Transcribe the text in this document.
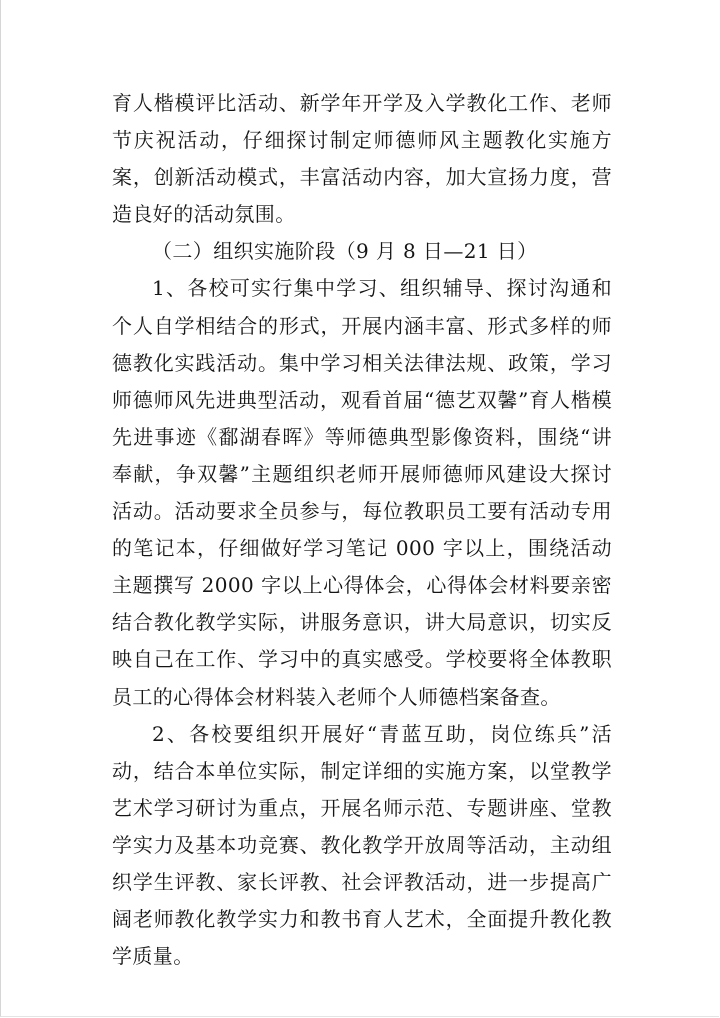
育人楷模评比活动、新学年开学及入学教化工作、老师节庆祝活动，仔细探讨制定师德师风主题教化实施方案，创新活动模式，丰富活动内容，加大宣扬力度，营造良好的活动氛围。

（二）组织实施阶段（9 月 8 日—21 日）

1、各校可实行集中学习、组织辅导、探讨沟通和个人自学相结合的形式，开展内涵丰富、形式多样的师德教化实践活动。集中学习相关法律法规、政策，学习师德师风先进典型活动，观看首届“德艺双馨”育人楷模先进事迹《鄱湖春晖》等师德典型影像资料，围绕“讲奉献，争双馨”主题组织老师开展师德师风建设大探讨活动。活动要求全员参与，每位教职员工要有活动专用的笔记本，仔细做好学习笔记 000 字以上，围绕活动主题撰写 2000 字以上心得体会，心得体会材料要亲密结合教化教学实际，讲服务意识，讲大局意识，切实反映自己在工作、学习中的真实感受。学校要将全体教职员工的心得体会材料装入老师个人师德档案备查。

2、各校要组织开展好“青蓝互助，岗位练兵”活动，结合本单位实际，制定详细的实施方案，以堂教学艺术学习研讨为重点，开展名师示范、专题讲座、堂教学实力及基本功竞赛、教化教学开放周等活动，主动组织学生评教、家长评教、社会评教活动，进一步提高广阔老师教化教学实力和教书育人艺术，全面提升教化教学质量。
